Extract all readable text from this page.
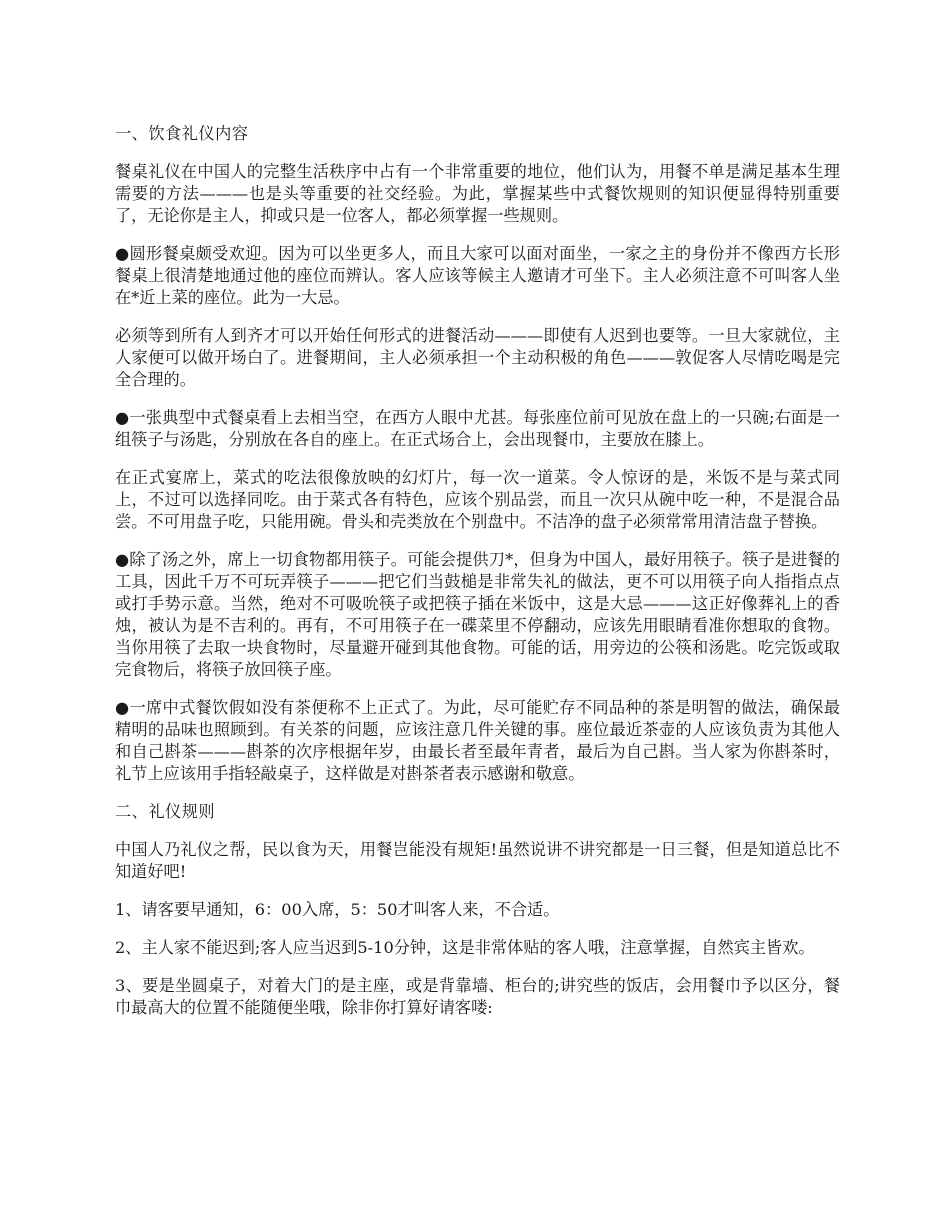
一、饮食礼仪内容

餐桌礼仪在中国人的完整生活秩序中占有一个非常重要的地位，他们认为，用餐不单是满足基本生理需要的方法———也是头等重要的社交经验。为此，掌握某些中式餐饮规则的知识便显得特别重要了，无论你是主人，抑或只是一位客人，都必须掌握一些规则。

●圆形餐桌颇受欢迎。因为可以坐更多人，而且大家可以面对面坐，一家之主的身份并不像西方长形餐桌上很清楚地通过他的座位而辨认。客人应该等候主人邀请才可坐下。主人必须注意不可叫客人坐在*近上菜的座位。此为一大忌。

必须等到所有人到齐才可以开始任何形式的进餐活动———即使有人迟到也要等。一旦大家就位，主人家便可以做开场白了。进餐期间，主人必须承担一个主动积极的角色———敦促客人尽情吃喝是完全合理的。

●一张典型中式餐桌看上去相当空，在西方人眼中尤甚。每张座位前可见放在盘上的一只碗;右面是一组筷子与汤匙，分别放在各自的座上。在正式场合上，会出现餐巾，主要放在膝上。

在正式宴席上，菜式的吃法很像放映的幻灯片，每一次一道菜。令人惊讶的是，米饭不是与菜式同上，不过可以选择同吃。由于菜式各有特色，应该个别品尝，而且一次只从碗中吃一种，不是混合品尝。不可用盘子吃，只能用碗。骨头和壳类放在个别盘中。不洁净的盘子必须常常用清洁盘子替换。

●除了汤之外，席上一切食物都用筷子。可能会提供刀*，但身为中国人，最好用筷子。筷子是进餐的工具，因此千万不可玩弄筷子———把它们当鼓槌是非常失礼的做法，更不可以用筷子向人指指点点或打手势示意。当然，绝对不可吸吮筷子或把筷子插在米饭中，这是大忌———这正好像葬礼上的香烛，被认为是不吉利的。再有，不可用筷子在一碟菜里不停翻动，应该先用眼睛看准你想取的食物。当你用筷了去取一块食物时，尽量避开碰到其他食物。可能的话，用旁边的公筷和汤匙。吃完饭或取完食物后，将筷子放回筷子座。

●一席中式餐饮假如没有茶便称不上正式了。为此，尽可能贮存不同品种的茶是明智的做法，确保最精明的品味也照顾到。有关茶的问题，应该注意几件关键的事。座位最近茶壶的人应该负责为其他人和自己斟茶———斟茶的次序根据年岁，由最长者至最年青者，最后为自己斟。当人家为你斟茶时，礼节上应该用手指轻敲桌子，这样做是对斟茶者表示感谢和敬意。

二、礼仪规则

中国人乃礼仪之帮，民以食为天，用餐岂能没有规矩!虽然说讲不讲究都是一日三餐，但是知道总比不知道好吧!

1、请客要早通知，6：00入席，5：50才叫客人来，不合适。

2、主人家不能迟到;客人应当迟到5-10分钟，这是非常体贴的客人哦，注意掌握，自然宾主皆欢。

3、要是坐圆桌子，对着大门的是主座，或是背靠墙、柜台的;讲究些的饭店，会用餐巾予以区分，餐巾最高大的位置不能随便坐哦，除非你打算好请客喽:
